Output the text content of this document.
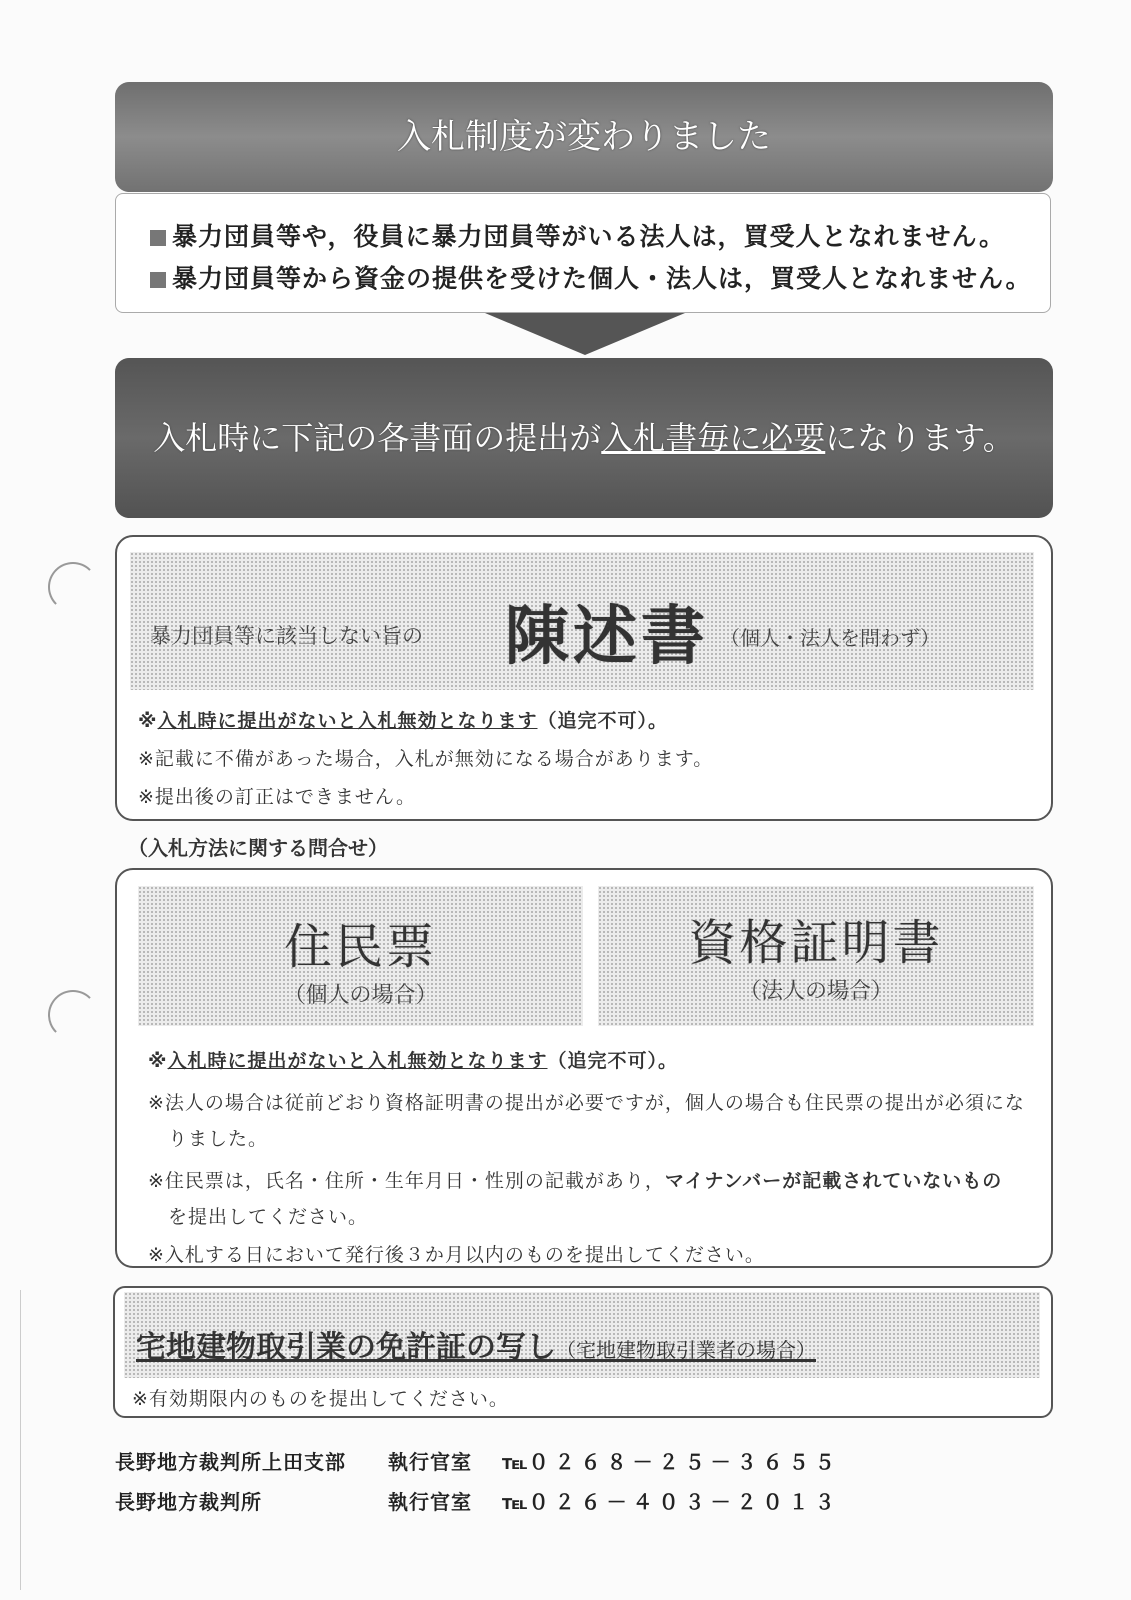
入札制度が変わりました
暴力団員等や，役員に暴力団員等がいる法人は，買受人となれません。
暴力団員等から資金の提供を受けた個人・法人は，買受人となれません。
入札時に下記の各書面の提出が入札書毎に必要になります。
暴力団員等に該当しない旨の 陳述書 （個人・法人を問わず）
※入札時に提出がないと入札無効となります（追完不可）。
※記載に不備があった場合，入札が無効になる場合があります。
※提出後の訂正はできません。
（入札方法に関する問合せ）
住民票
（個人の場合）
資格証明書
（法人の場合）
※入札時に提出がないと入札無効となります（追完不可）。
※法人の場合は従前どおり資格証明書の提出が必要ですが，個人の場合も住民票の提出が必須にな
りました。
※住民票は，氏名・住所・生年月日・性別の記載があり，マイナンバーが記載されていないもの
を提出してください。
※入札する日において発行後３か月以内のものを提出してください。
宅地建物取引業の免許証の写し（宅地建物取引業者の場合）
※有効期限内のものを提出してください。
長野地方裁判所上田支部 執行官室 ℡０２６８－２５－３６５５
長野地方裁判所	執行官室 ℡０２６－４０３－２０１３
